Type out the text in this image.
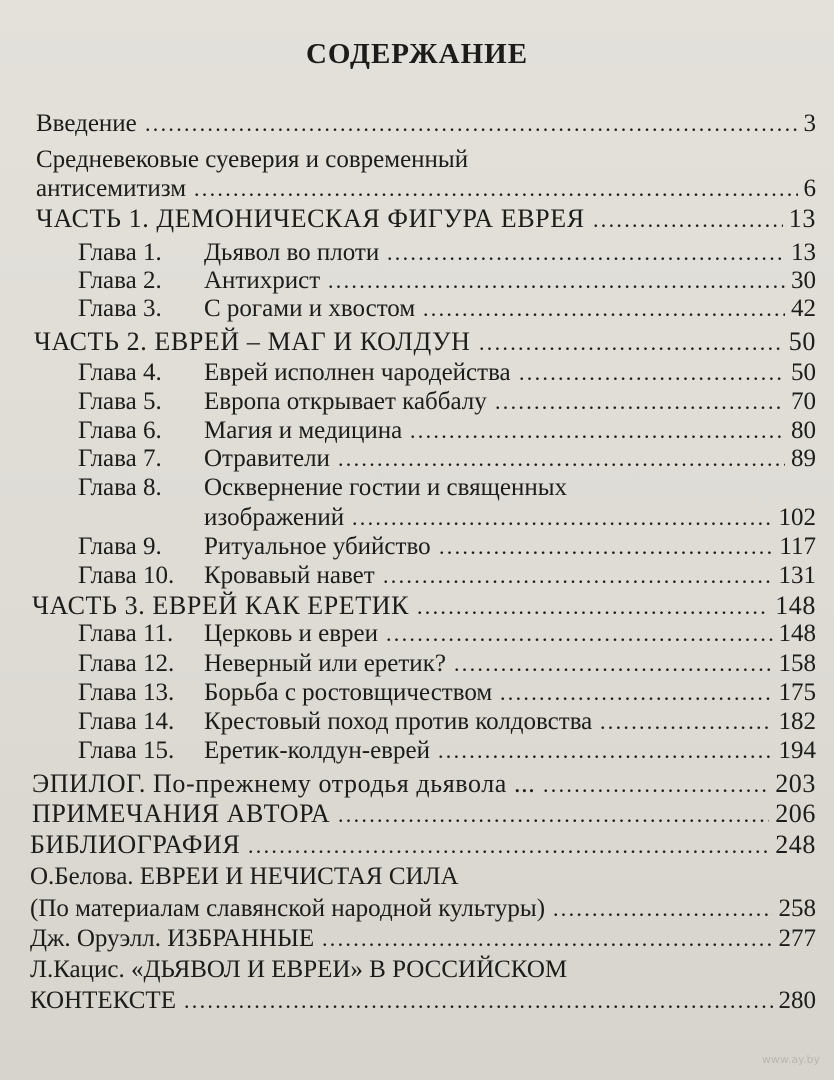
СОДЕРЖАНИЕ
Введение	3
. . .
Средневековые суеверия и современный
антисемитизм	6
. . .
ЧАСТЬ 1. ДЕМОНИЧЕСКАЯ ФИГУРА ЕВРЕЯ	13
. . .
Глава 1. Дьявол во плоти	13
. . .
Глава 2. Антихрист	30
. . .
Глава 3. С рогами и хвостом	42
. . .
ЧАСТЬ 2. ЕВРЕЙ – МАГ И КОЛДУН	50
. . .
Глава 4. Еврей исполнен чародейства	50
. . .
Глава 5. Европа открывает каббалу	70
. . .
Глава 6. Магия и медицина	80
. . .
Глава 7. Отравители	89
. . .
Глава 8. Осквернение гостии и священных
изображений	102
. . .
Глава 9. Ритуальное убийство	117
. . .
Глава 10. Кровавый навет	131
. . .
ЧАСТЬ 3. ЕВРЕЙ КАК ЕРЕТИК	148
. . .
Глава 11. Церковь и евреи	148
. . .
Глава 12. Неверный или еретик?	158
. . .
Глава 13. Борьба с ростовщичеством	175
. . .
Глава 14. Крестовый поход против колдовства	182
. . .
Глава 15. Еретик-колдун-еврей	194
. . .
ЭПИЛОГ. По-прежнему отродья дьявола ...	203
. . .
ПРИМЕЧАНИЯ АВТОРА	206
. . .
БИБЛИОГРАФИЯ	248
. . .
О.Белова. ЕВРЕИ И НЕЧИСТАЯ СИЛА
(По материалам славянской народной культуры)	258
. . .
Дж. Оруэлл. ИЗБРАННЫЕ	277
. . .
Л.Кацис. «ДЬЯВОЛ И ЕВРЕИ» В РОССИЙСКОМ
КОНТЕКСТЕ	280
. . .
www.ay.by
